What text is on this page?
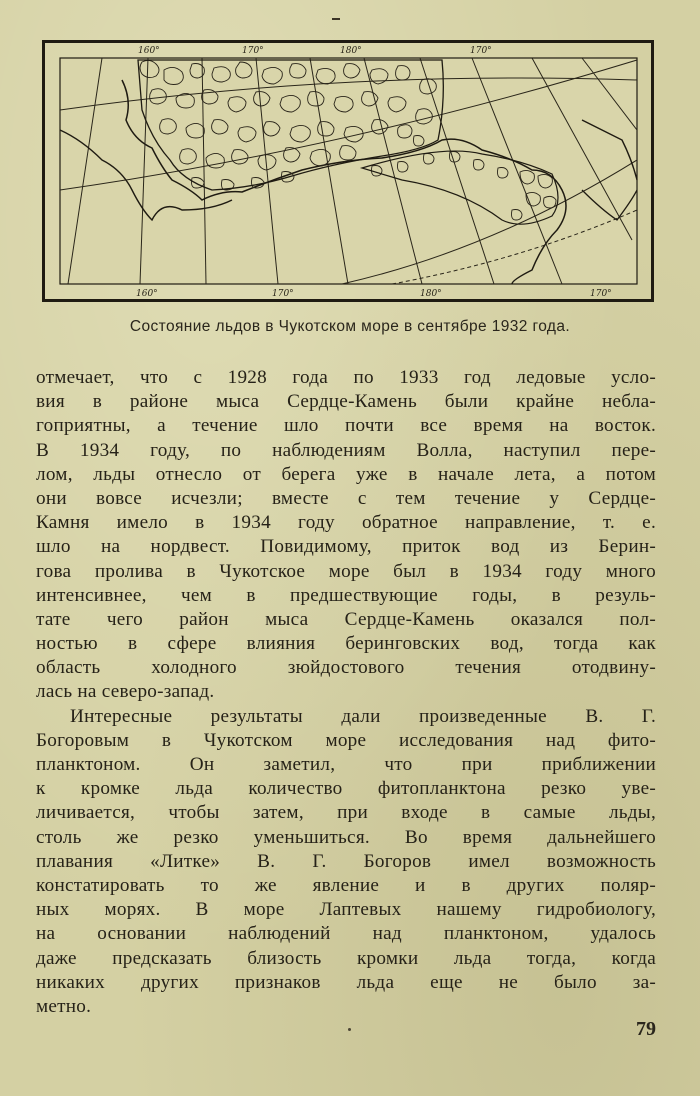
160°	170°	180°	170°
160°	170°	180°	170°
Состояние льдов в Чукотском море в сентябре 1932 года.
отмечает, что с 1928 года по 1933 год ледовые усло-
вия в районе мыса Сердце-Камень были крайне неблa-
гоприятны, а течение шло почти все время на восток.
В 1934 году, по наблюдениям Волла, наступил пере-
лом, льды отнесло от берега уже в начале лета, а потом
они вовсе исчезли; вместе с тем течение у Сердце-
Камня имело в 1934 году обратное направление, т. е.
шло на нордвест. Повидимому, приток вод из Берин-
гова пролива в Чукотское море был в 1934 году много
интенсивнее, чем в предшествующие годы, в резуль-
тате чего район мыса Сердце-Камень оказался пол-
ностью в сфере влияния беринговских вод, тогда как
область холодного зюйдостового течения отодвину-
лась на северо-запад.
Интересные результаты дали произведенные В. Г.
Богоровым в Чукотском море исследования над фито-
планктоном. Он заметил, что при приближении
к кромке льда количество фитопланктона резко уве-
личивается, чтобы затем, при входе в самые льды,
столь же резко уменьшиться. Во время дальнейшего
плавания «Литке» В. Г. Богоров имел возможность
констатировать то же явление и в других поляр-
ных морях. В море Лаптевых нашему гидробиологу,
на основании наблюдений над планктоном, удалось
даже предсказать близость кромки льда тогда, когда
никаких других признаков льда еще не было за-
метно.
79
